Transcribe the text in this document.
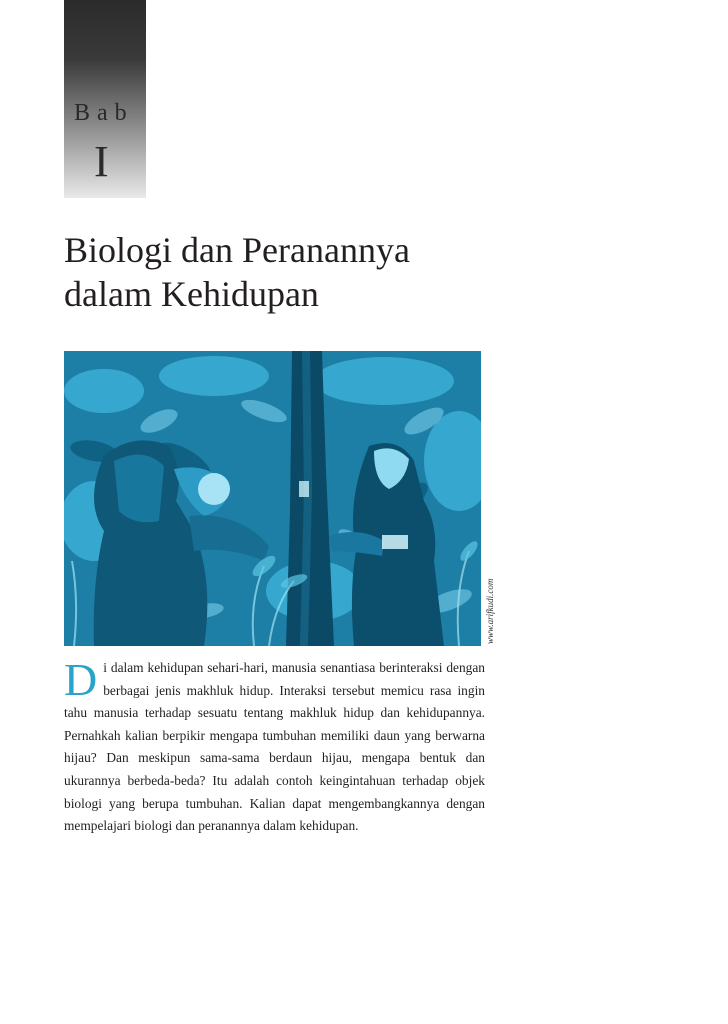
Bab
I
Biologi dan Peranannya
dalam Kehidupan
www.arifkudi.com

Di dalam kehidupan sehari-hari, manusia senantiasa berinteraksi dengan berbagai jenis makhluk hidup. Interaksi tersebut memicu rasa ingin tahu manusia terhadap sesuatu tentang makhluk hidup dan kehidupannya. Pernahkah kalian berpikir mengapa tumbuhan memiliki daun yang berwarna hijau? Dan meskipun sama-sama berdaun hijau, mengapa bentuk dan ukurannya berbeda-beda? Itu adalah contoh keingintahuan terhadap objek biologi yang berupa tumbuhan. Kalian dapat mengembangkannya dengan mempelajari biologi dan peranannya dalam kehidupan.
